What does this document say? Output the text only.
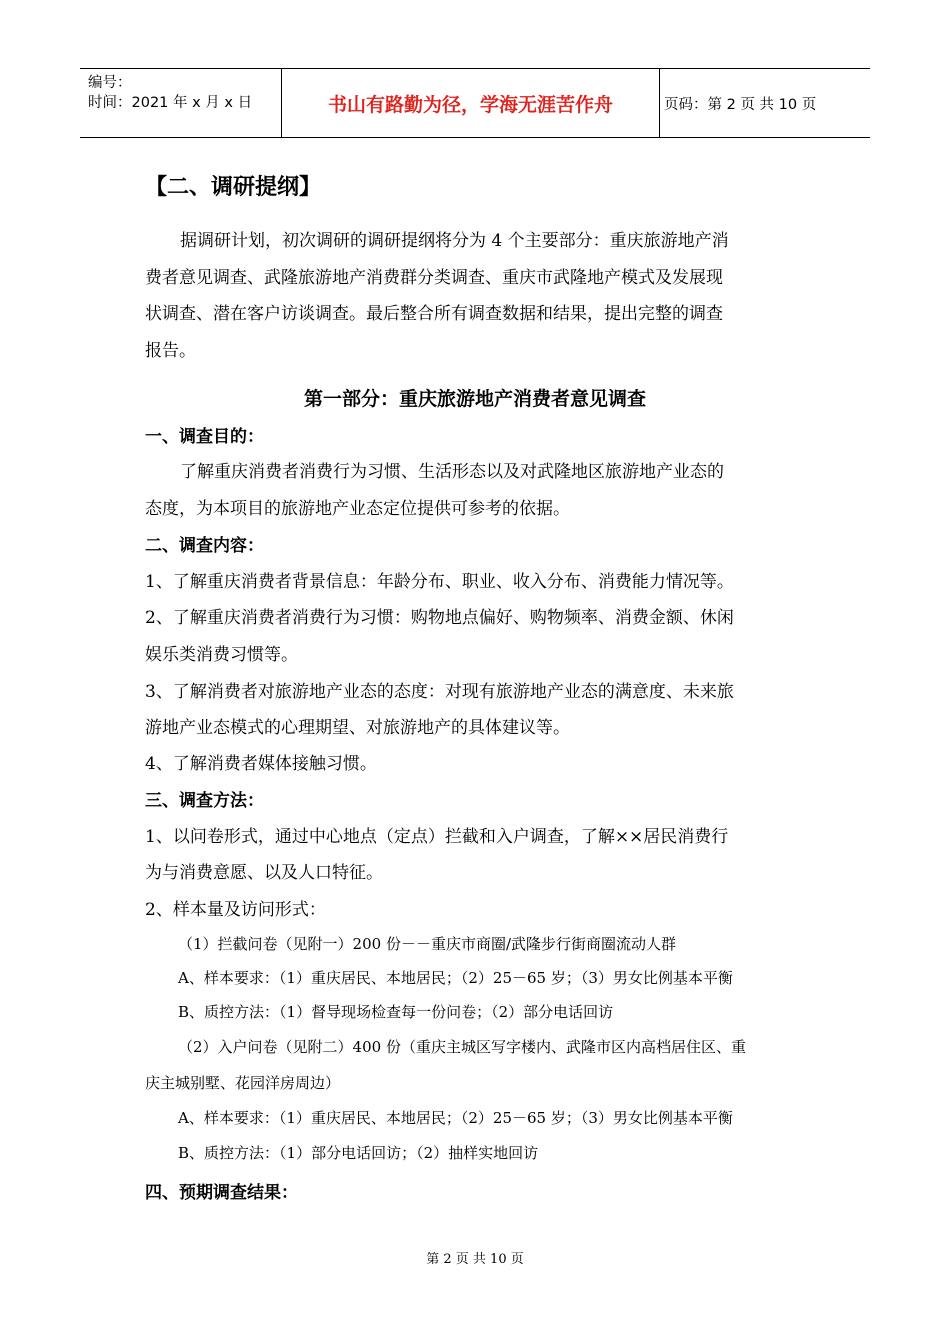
编号：
时间：2021 年 x 月 x 日	书山有路勤为径，学海无涯苦作舟	页码：第 2 页 共 10 页
【二、调研提纲】
据调研计划，初次调研的调研提纲将分为 4 个主要部分：重庆旅游地产消
费者意见调查、武隆旅游地产消费群分类调查、重庆市武隆地产模式及发展现
状调查、潜在客户访谈调查。最后整合所有调查数据和结果，提出完整的调查
报告。
第一部分：重庆旅游地产消费者意见调查
一、调查目的：
了解重庆消费者消费行为习惯、生活形态以及对武隆地区旅游地产业态的
态度，为本项目的旅游地产业态定位提供可参考的依据。
二、调查内容：
1、了解重庆消费者背景信息：年龄分布、职业、收入分布、消费能力情况等。
2、了解重庆消费者消费行为习惯：购物地点偏好、购物频率、消费金额、休闲
娱乐类消费习惯等。
3、了解消费者对旅游地产业态的态度：对现有旅游地产业态的满意度、未来旅
游地产业态模式的心理期望、对旅游地产的具体建议等。
4、了解消费者媒体接触习惯。
三、调查方法：
1、以问卷形式，通过中心地点（定点）拦截和入户调查，了解××居民消费行
为与消费意愿、以及人口特征。
2、样本量及访问形式：
（1）拦截问卷（见附一）200 份－－重庆市商圈/武隆步行街商圈流动人群
A、样本要求：（1）重庆居民、本地居民；（2）25－65 岁；（3）男女比例基本平衡
B、质控方法：（1）督导现场检查每一份问卷；（2）部分电话回访
（2）入户问卷（见附二）400 份（重庆主城区写字楼内、武隆市区内高档居住区、重
庆主城别墅、花园洋房周边）
A、样本要求：（1）重庆居民、本地居民；（2）25－65 岁；（3）男女比例基本平衡
B、质控方法：（1）部分电话回访；（2）抽样实地回访
四、预期调查结果：
第 2 页 共 10 页
